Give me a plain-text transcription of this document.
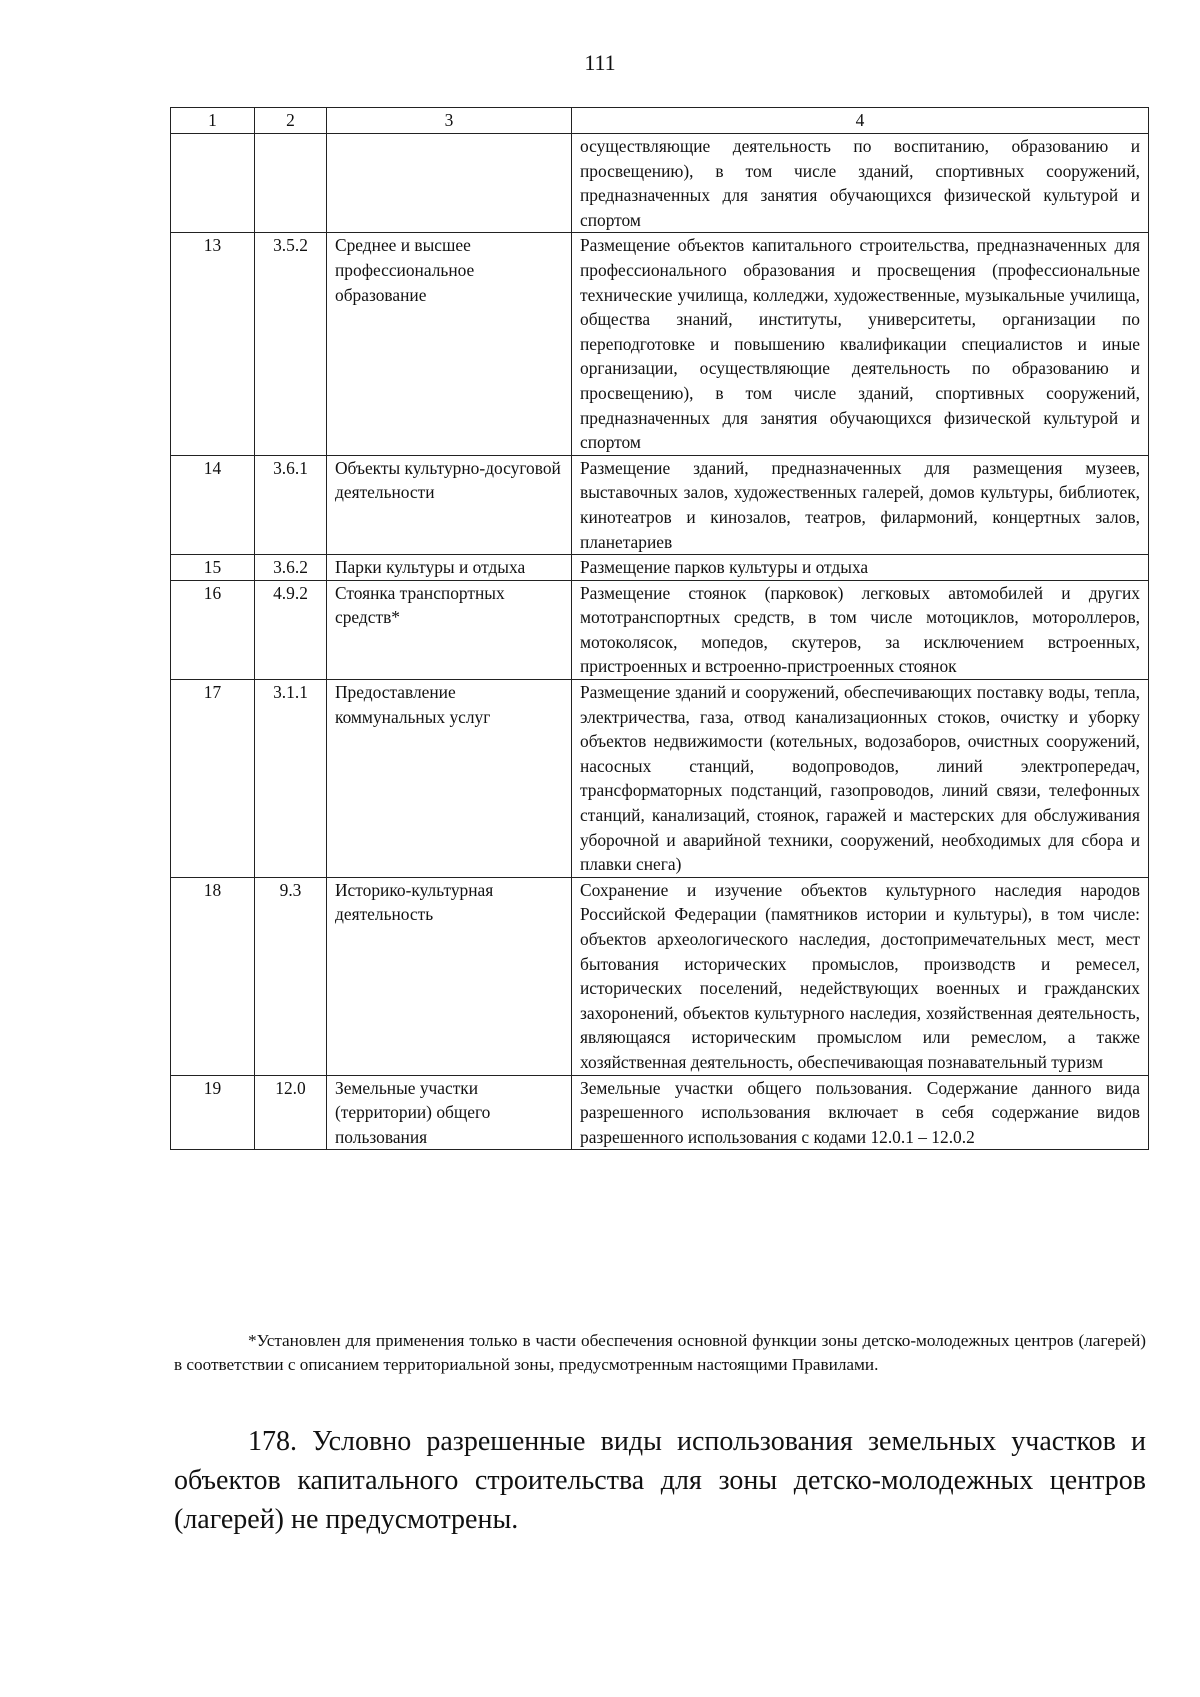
111
1	2	3	4
			осуществляющие деятельность по воспитанию, образованию и просвещению), в том числе зданий, спортивных сооружений, предназначенных для занятия обучающихся физической культурой и спортом
13	3.5.2	Среднее и высшее профессиональное образование	Размещение объектов капитального строительства, предназначенных для профессионального образования и просвещения (профессиональные технические училища, колледжи, художественные, музыкальные училища, общества знаний, институты, университеты, организации по переподготовке и повышению квалификации специалистов и иные организации, осуществляющие деятельность по образованию и просвещению), в том числе зданий, спортивных сооружений, предназначенных для занятия обучающихся физической культурой и спортом
14	3.6.1	Объекты культурно-досуговой деятельности	Размещение зданий, предназначенных для размещения музеев, выставочных залов, художественных галерей, домов культуры, библиотек, кинотеатров и кинозалов, театров, филармоний, концертных залов, планетариев
15	3.6.2	Парки культуры и отдыха	Размещение парков культуры и отдыха
16	4.9.2	Стоянка транспортных средств*	Размещение стоянок (парковок) легковых автомобилей и других мототранспортных средств, в том числе мотоциклов, мотороллеров, мотоколясок, мопедов, скутеров, за исключением встроенных, пристроенных и встроенно-пристроенных стоянок
17	3.1.1	Предоставление коммунальных услуг	Размещение зданий и сооружений, обеспечивающих поставку воды, тепла, электричества, газа, отвод канализационных стоков, очистку и уборку объектов недвижимости (котельных, водозаборов, очистных сооружений, насосных станций, водопроводов, линий электропередач, трансформаторных подстанций, газопроводов, линий связи, телефонных станций, канализаций, стоянок, гаражей и мастерских для обслуживания уборочной и аварийной техники, сооружений, необходимых для сбора и плавки снега)
18	9.3	Историко-культурная деятельность	Сохранение и изучение объектов культурного наследия народов Российской Федерации (памятников истории и культуры), в том числе: объектов археологического наследия, достопримечательных мест, мест бытования исторических промыслов, производств и ремесел, исторических поселений, недействующих военных и гражданских захоронений, объектов культурного наследия, хозяйственная деятельность, являющаяся историческим промыслом или ремеслом, а также хозяйственная деятельность, обеспечивающая познавательный туризм
19	12.0	Земельные участки (территории) общего пользования	Земельные участки общего пользования. Содержание данного вида разрешенного использования включает в себя содержание видов разрешенного использования с кодами 12.0.1 – 12.0.2
*Установлен для применения только в части обеспечения основной функции зоны детско-молодежных центров (лагерей) в соответствии с описанием территориальной зоны, предусмотренным настоящими Правилами.
178. Условно разрешенные виды использования земельных участков и объектов капитального строительства для зоны детско-молодежных центров (лагерей) не предусмотрены.
